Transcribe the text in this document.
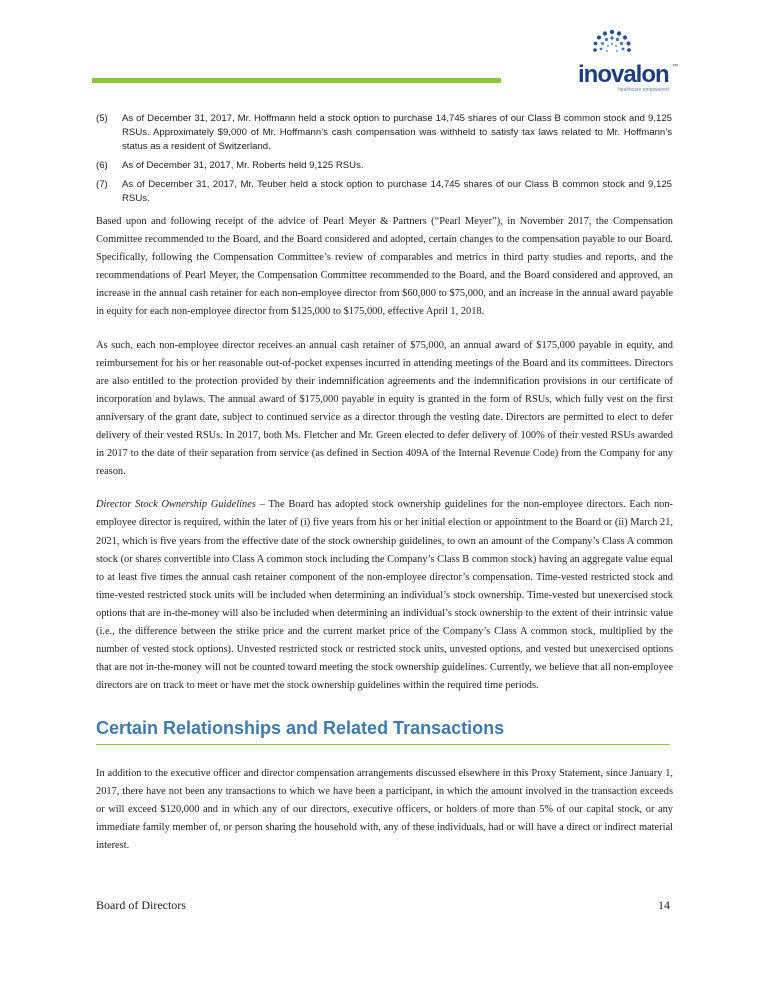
inovalon ™
healthcare empowered
(5) As of December 31, 2017, Mr. Hoffmann held a stock option to purchase 14,745 shares of our Class B common stock and 9,125 RSUs. Approximately $9,000 of Mr. Hoffmann’s cash compensation was withheld to satisfy tax laws related to Mr. Hoffmann’s status as a resident of Switzerland.
(6) As of December 31, 2017, Mr. Roberts held 9,125 RSUs.
(7) As of December 31, 2017, Mr. Teuber held a stock option to purchase 14,745 shares of our Class B common stock and 9,125 RSUs.

Based upon and following receipt of the advice of Pearl Meyer & Partners (“Pearl Meyer”), in November 2017, the Compensation Committee recommended to the Board, and the Board considered and adopted, certain changes to the compensation payable to our Board. Specifically, following the Compensation Committee’s review of comparables and metrics in third party studies and reports, and the recommendations of Pearl Meyer, the Compensation Committee recommended to the Board, and the Board considered and approved, an increase in the annual cash retainer for each non-employee director from $60,000 to $75,000, and an increase in the annual award payable in equity for each non-employee director from $125,000 to $175,000, effective April 1, 2018.

As such, each non-employee director receives an annual cash retainer of $75,000, an annual award of $175,000 payable in equity, and reimbursement for his or her reasonable out-of-pocket expenses incurred in attending meetings of the Board and its committees. Directors are also entitled to the protection provided by their indemnification agreements and the indemnification provisions in our certificate of incorporation and bylaws. The annual award of $175,000 payable in equity is granted in the form of RSUs, which fully vest on the first anniversary of the grant date, subject to continued service as a director through the vesting date. Directors are permitted to elect to defer delivery of their vested RSUs. In 2017, both Ms. Fletcher and Mr. Green elected to defer delivery of 100% of their vested RSUs awarded in 2017 to the date of their separation from service (as defined in Section 409A of the Internal Revenue Code) from the Company for any reason.

Director Stock Ownership Guidelines – The Board has adopted stock ownership guidelines for the non-employee directors. Each non-employee director is required, within the later of (i) five years from his or her initial election or appointment to the Board or (ii) March 21, 2021, which is five years from the effective date of the stock ownership guidelines, to own an amount of the Company’s Class A common stock (or shares convertible into Class A common stock including the Company’s Class B common stock) having an aggregate value equal to at least five times the annual cash retainer component of the non-employee director’s compensation. Time-vested restricted stock and time-vested restricted stock units will be included when determining an individual’s stock ownership. Time-vested but unexercised stock options that are in-the-money will also be included when determining an individual’s stock ownership to the extent of their intrinsic value (i.e., the difference between the strike price and the current market price of the Company’s Class A common stock, multiplied by the number of vested stock options). Unvested restricted stock or restricted stock units, unvested options, and vested but unexercised options that are not in-the-money will not be counted toward meeting the stock ownership guidelines. Currently, we believe that all non-employee directors are on track to meet or have met the stock ownership guidelines within the required time periods.

Certain Relationships and Related Transactions

In addition to the executive officer and director compensation arrangements discussed elsewhere in this Proxy Statement, since January 1, 2017, there have not been any transactions to which we have been a participant, in which the amount involved in the transaction exceeds or will exceed $120,000 and in which any of our directors, executive officers, or holders of more than 5% of our capital stock, or any immediate family member of, or person sharing the household with, any of these individuals, had or will have a direct or indirect material interest.

Board of Directors	14
